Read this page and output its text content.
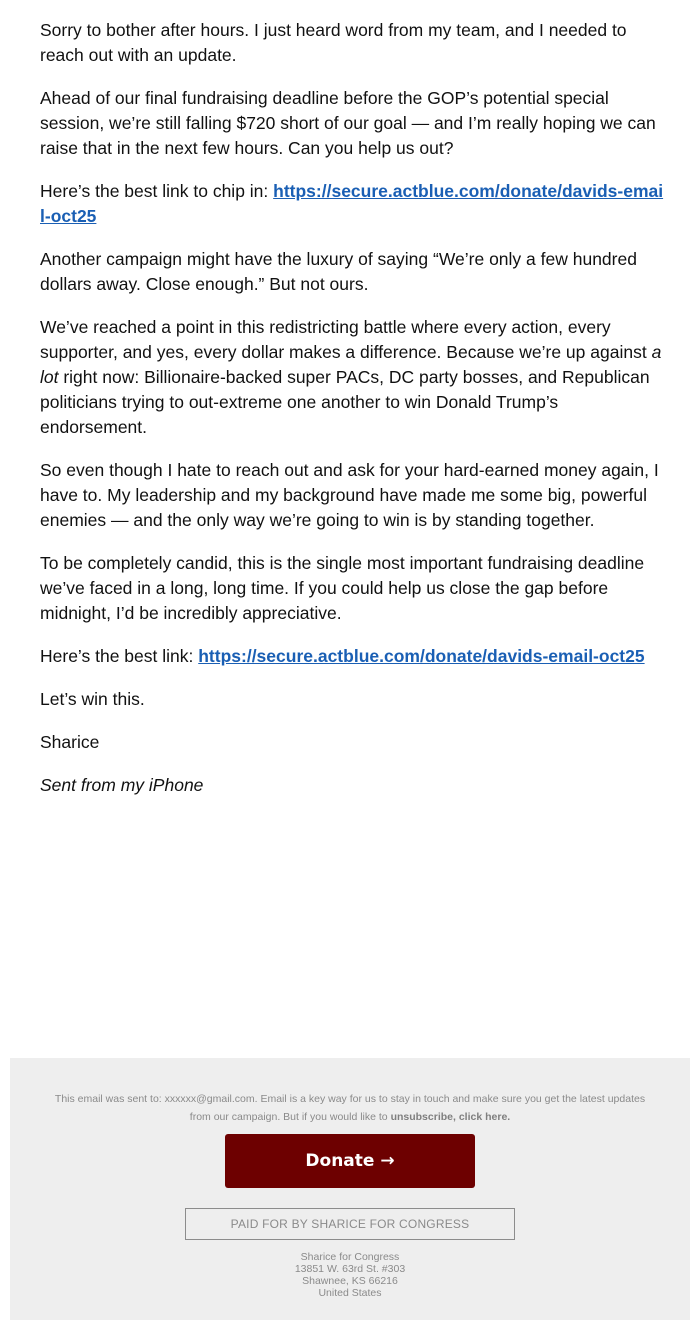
Sorry to bother after hours. I just heard word from my team, and I needed to reach out with an update.

Ahead of our final fundraising deadline before the GOP’s potential special session, we’re still falling $720 short of our goal — and I’m really hoping we can raise that in the next few hours. Can you help us out?

Here’s the best link to chip in: https://secure.actblue.com/donate/davids-email-oct25

Another campaign might have the luxury of saying “We’re only a few hundred dollars away. Close enough.” But not ours.

We’ve reached a point in this redistricting battle where every action, every supporter, and yes, every dollar makes a difference. Because we’re up against a lot right now: Billionaire-backed super PACs, DC party bosses, and Republican politicians trying to out-extreme one another to win Donald Trump’s endorsement.

So even though I hate to reach out and ask for your hard-earned money again, I have to. My leadership and my background have made me some big, powerful enemies — and the only way we’re going to win is by standing together.

To be completely candid, this is the single most important fundraising deadline we’ve faced in a long, long time. If you could help us close the gap before midnight, I’d be incredibly appreciative.

Here’s the best link: https://secure.actblue.com/donate/davids-email-oct25

Let’s win this.

Sharice

Sent from my iPhone

This email was sent to: xxxxxx@gmail.com. Email is a key way for us to stay in touch and make sure you get the latest updates from our campaign. But if you would like to unsubscribe, click here.
Donate →
PAID FOR BY SHARICE FOR CONGRESS
Sharice for Congress
13851 W. 63rd St. #303
Shawnee, KS 66216
United States
